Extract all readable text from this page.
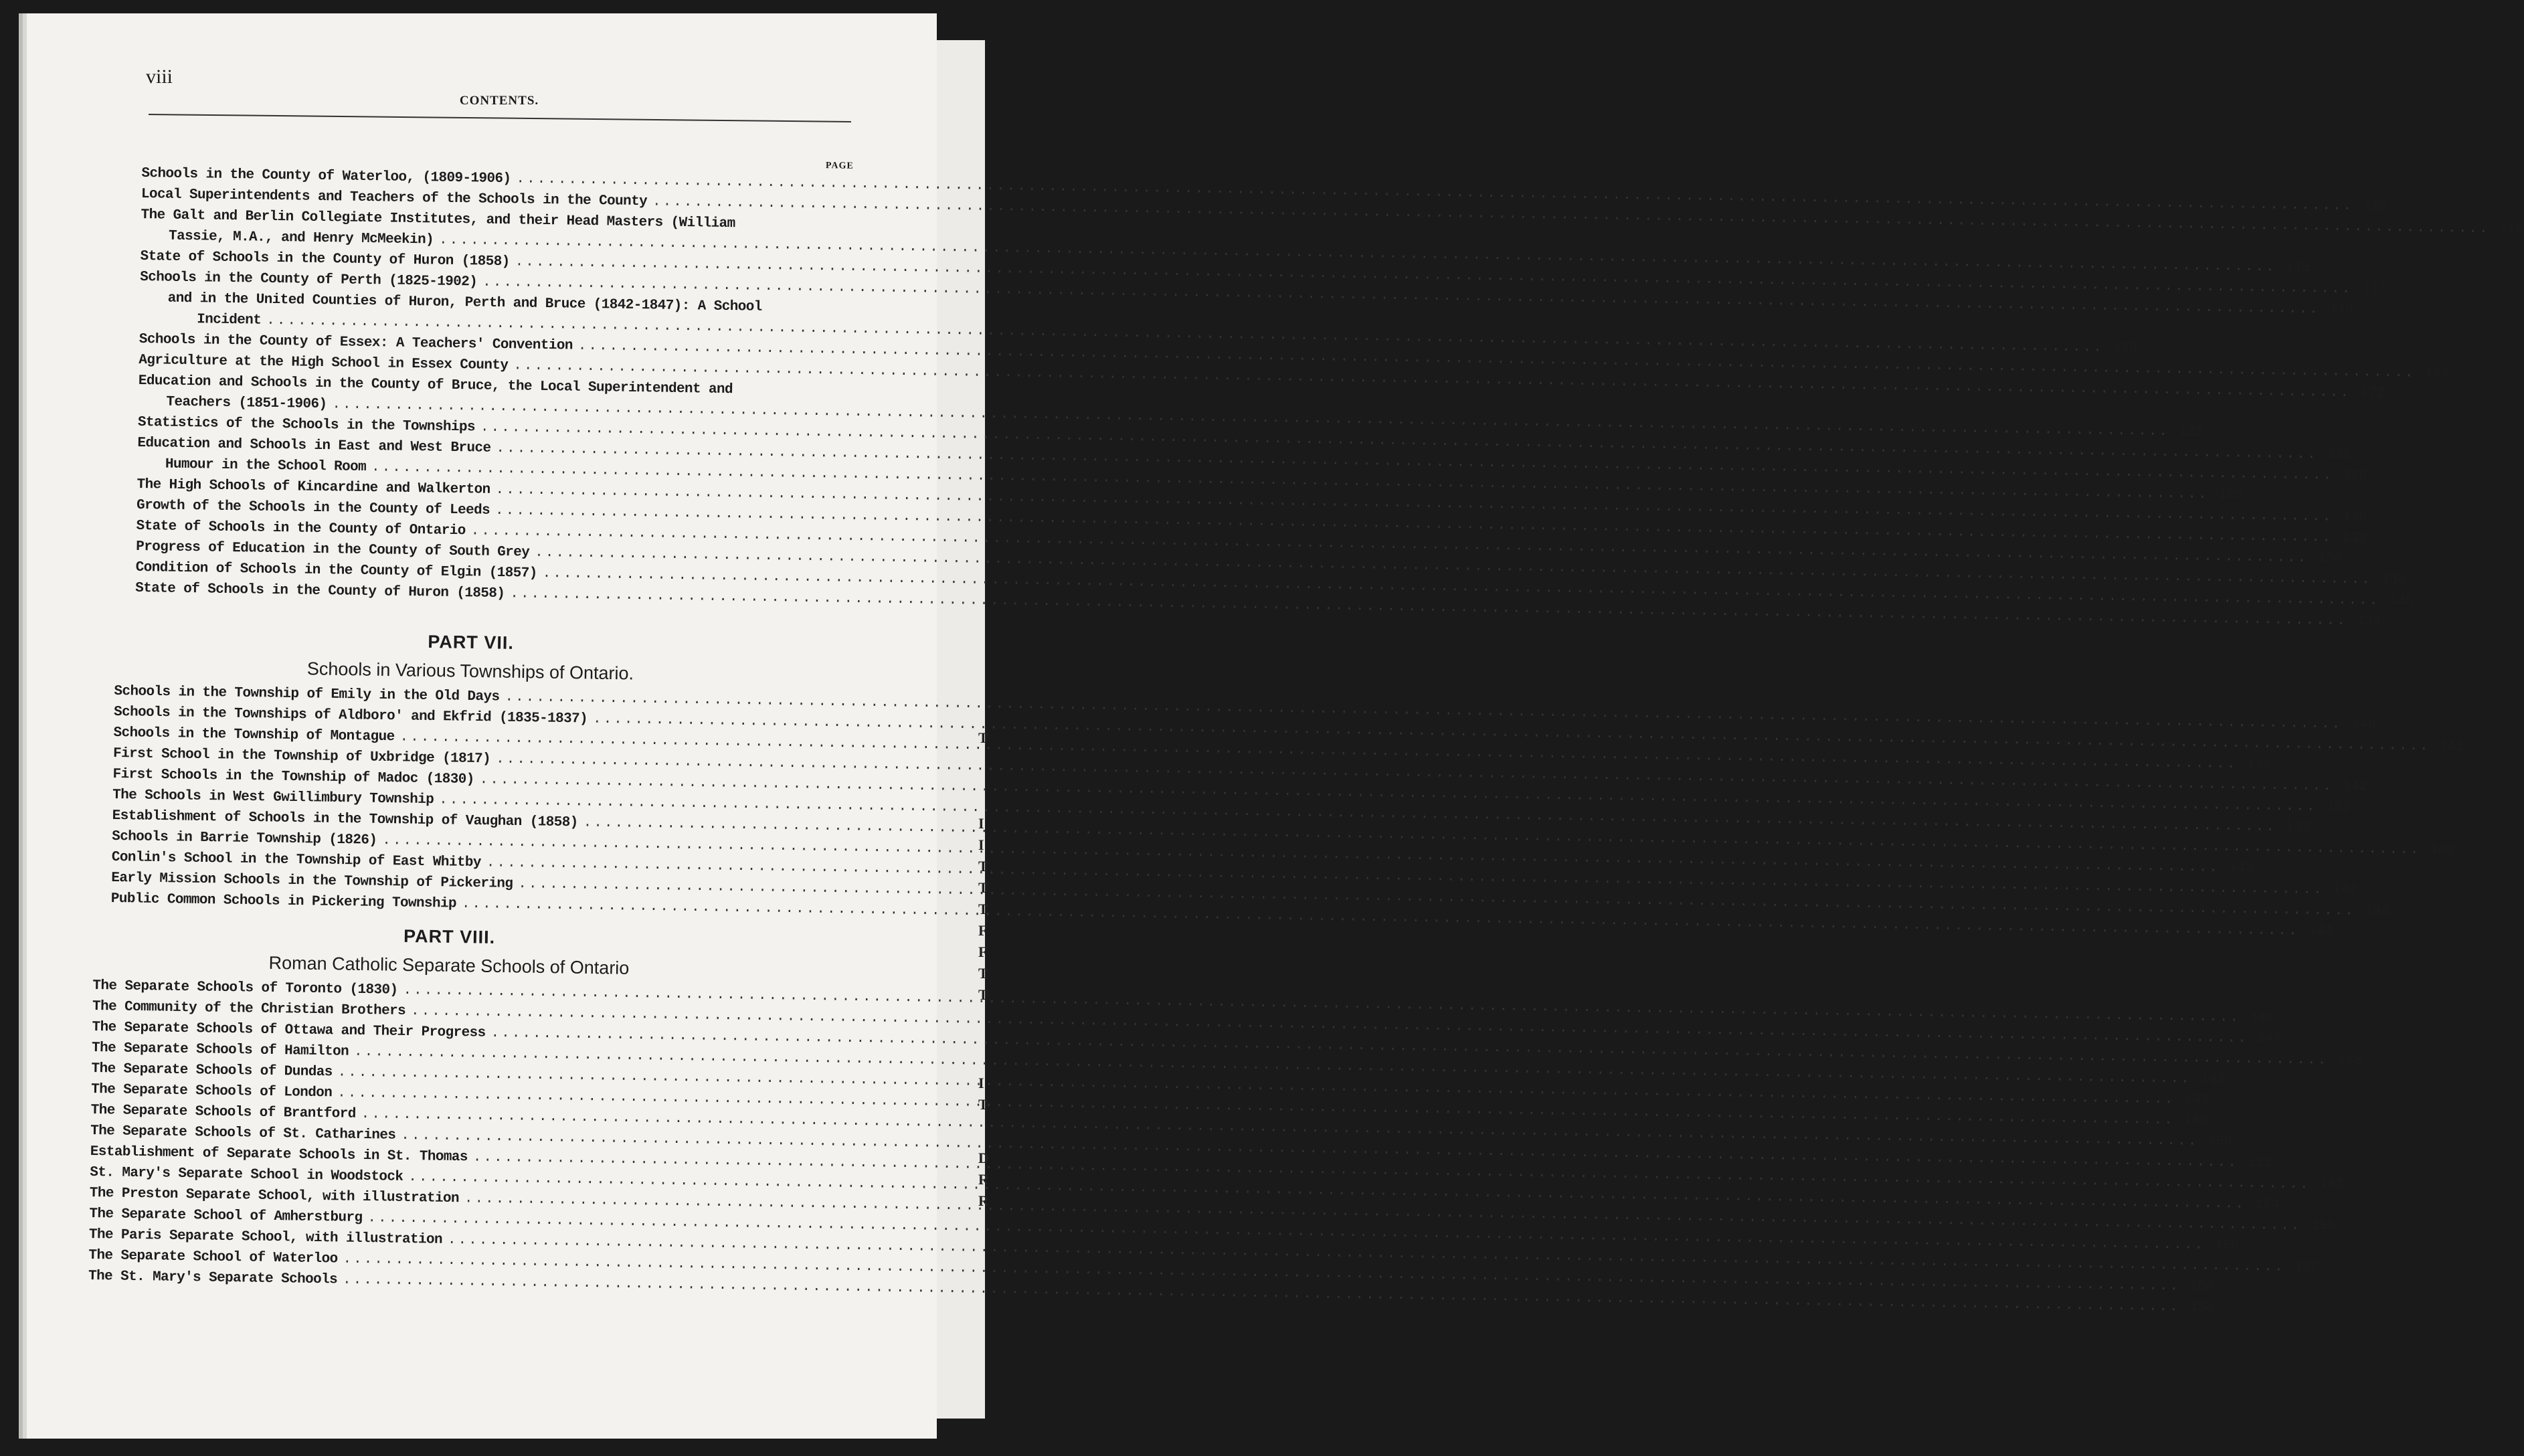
T
I
I
T
T
T
F
F
T
T
I
T
D
R
R
viii
CONTENTS.
PAGE
Schools in the County of Waterloo, (1809-1906)
.....
113
Local Superintendents and Teachers of the Schools in the County
.....
116
The Galt and Berlin Collegiate Institutes, and their Head Masters (William
Tassie, M.A., and Henry McMeekin)
.....
115
State of Schools in the County of Huron (1858)
.....
117
Schools in the County of Perth (1825-1902)
.....
119
and in the United Counties of Huron, Perth and Bruce (1842-1847): A School
Incident
.....
120
Schools in the County of Essex: A Teachers' Convention
.....
122
Agriculture at the High School in Essex County
.....
122
Education and Schools in the County of Bruce, the Local Superintendent and
Teachers (1851-1906)
.....
123
Statistics of the Schools in the Townships
.....
126
Education and Schools in East and West Bruce
.....
128
Humour in the School Room
.....
129
The High Schools of Kincardine and Walkerton
.....
130
Growth of the Schools in the County of Leeds
.....
133
State of Schools in the County of Ontario
.....
134
Progress of Education in the County of South Grey
.....
134
Condition of Schools in the County of Elgin (1857)
.....
135
State of Schools in the County of Huron (1858)
.....
138
PART VII.
Schools in Various Townships of Ontario.
Schools in the Township of Emily in the Old Days
.....
140
Schools in the Townships of Aldboro' and Ekfrid (1835-1837)
.....
141
Schools in the Township of Montague
.....
142
First School in the Township of Uxbridge (1817)
.....
142
First Schools in the Township of Madoc (1830)
.....
142
The Schools in West Gwillimbury Township
.....
143
Establishment of Schools in the Township of Vaughan (1858)
.....
143
Schools in Barrie Township (1826)
.....
143
Conlin's School in the Township of East Whitby
.....
144
Early Mission Schools in the Township of Pickering
.....
144
Public Common Schools in Pickering Township
.....
144
PART VIII.
Roman Catholic Separate Schools of Ontario
The Separate Schools of Toronto (1830)
.....
145
The Community of the Christian Brothers
.....
147
The Separate Schools of Ottawa and Their Progress
.....
148
The Separate Schools of Hamilton
.....
149
The Separate Schools of Dundas
.....
149
The Separate Schools of London
.....
150
The Separate Schools of Brantford
.....
150
The Separate Schools of St. Catharines
.....
152
Establishment of Separate Schools in St. Thomas
.....
153
St. Mary's Separate School in Woodstock
.....
154
The Preston Separate School, with illustration
.....
155
The Separate School of Amherstburg
.....
156
The Paris Separate School, with illustration
.....
157
The Separate School of Waterloo
.....
158
The St. Mary's Separate Schools
.....
158
